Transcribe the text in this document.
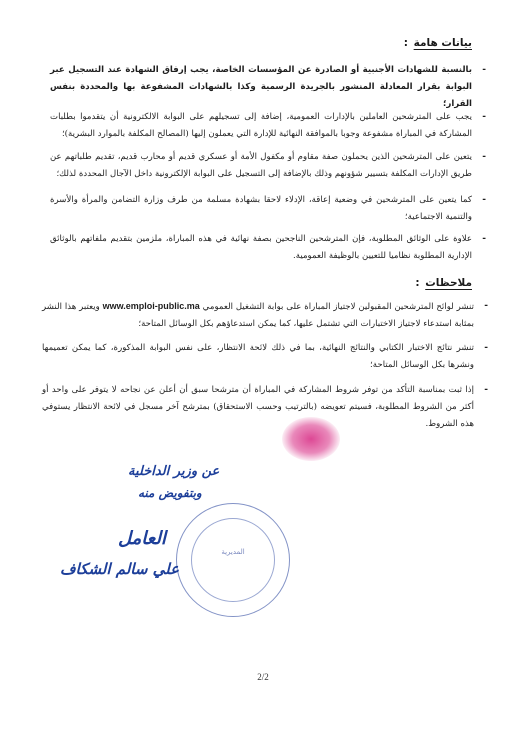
بيانات هامة :
-
بالنسبة للشهادات الأجنبية أو الصادرة عن المؤسسات الخاصة، يجب إرفاق الشهادة عند التسجيل عبر البوابة بقرار المعادلة المنشور بالجريدة الرسمية وكذا بالشهادات المشفوعة بها والمحددة بنفس القرار؛
-
يجب على المترشحين العاملين بالإدارات العمومية، إضافة إلى تسجيلهم على البوابة الالكترونية أن يتقدموا بطلبات المشاركة في المباراة مشفوعة وجوبا بالموافقة النهائية للإدارة التي يعملون إليها (المصالح المكلفة بالموارد البشرية)؛
-
يتعين على المترشحين الذين يحملون صفة مقاوم أو مكفول الأمة أو عسكري قديم أو محارب قديم، تقديم طلباتهم عن طريق الإدارات المكلفة بتسيير شؤونهم وذلك بالإضافة إلى التسجيل على البوابة الإلكترونية داخل الآجال المحددة لذلك؛
-
كما يتعين على المترشحين في وضعية إعاقة، الإدلاء لاحقا بشهادة مسلمة من طرف وزارة التضامن والمرأة والأسرة والتنمية الاجتماعية؛
-
علاوة على الوثائق المطلوبة، فإن المترشحين الناجحين بصفة نهائية في هذه المباراة، ملزمين بتقديم ملفاتهم بالوثائق الإدارية المطلوبة نظاميا للتعيين بالوظيفة العمومية.
ملاحظات :
-
تنشر لوائح المترشحين المقبولين لاجتياز المباراة على بوابة التشغيل العمومي www.emploi-public.ma ويعتبر هذا النشر بمثابة استدعاء لاجتياز الاختبارات التي تشتمل عليها، كما يمكن استدعاؤهم بكل الوسائل المتاحة؛
-
تنشر نتائج الاختبار الكتابي والنتائج النهائية، بما في ذلك لائحة الانتظار، على نفس البوابة المذكورة، كما يمكن تعميمها ونشرها بكل الوسائل المتاحة؛
-
إذا ثبت بمناسبة التأكد من توفر شروط المشاركة في المباراة أن مترشحا سبق أن أعلن عن نجاحه لا يتوفر على واحد أو أكثر من الشروط المطلوبة، فسيتم تعويضه (بالترتيب وحسب الاستحقاق) بمترشح آخر مسجل في لائحة الانتظار يستوفي هذه الشروط.
المديرية
عن وزير الداخلية
وبتفويض منه
العامل
علي سالم الشكاف
2/2
